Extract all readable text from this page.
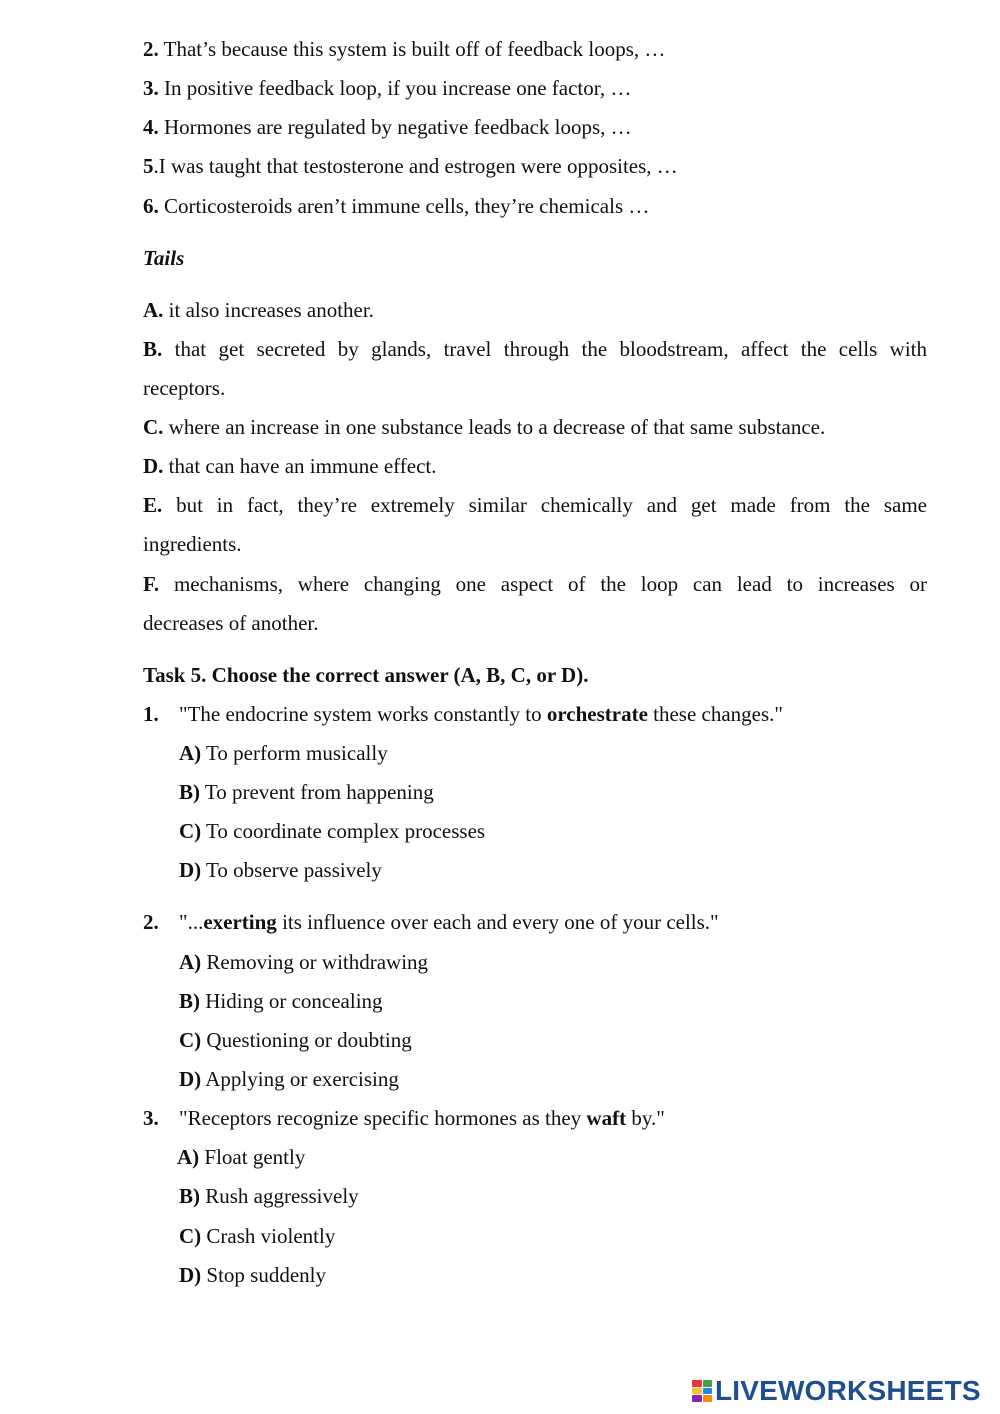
2. That’s because this system is built off of feedback loops, …
3. In positive feedback loop, if you increase one factor, …
4. Hormones are regulated by negative feedback loops, …
5.I was taught that testosterone and estrogen were opposites, …
6. Corticosteroids aren’t immune cells, they’re chemicals …
Tails
A. it also increases another.
B. that get secreted by glands, travel through the bloodstream, affect the cells with
receptors.
C. where an increase in one substance leads to a decrease of that same substance.
D. that can have an immune effect.
E. but in fact, they’re extremely similar chemically and get made from the same
ingredients.
F. mechanisms, where changing one aspect of the loop can lead to increases or
decreases of another.
Task 5. Choose the correct answer (A, B, C, or D).
1. "The endocrine system works constantly to orchestrate these changes."
A) To perform musically
B) To prevent from happening
C) To coordinate complex processes
D) To observe passively
2. "...exerting its influence over each and every one of your cells."
A) Removing or withdrawing
B) Hiding or concealing
C) Questioning or doubting
D) Applying or exercising
3. "Receptors recognize specific hormones as they waft by."
A) Float gently
B) Rush aggressively
C) Crash violently
D) Stop suddenly
LIVEWORKSHEETS
